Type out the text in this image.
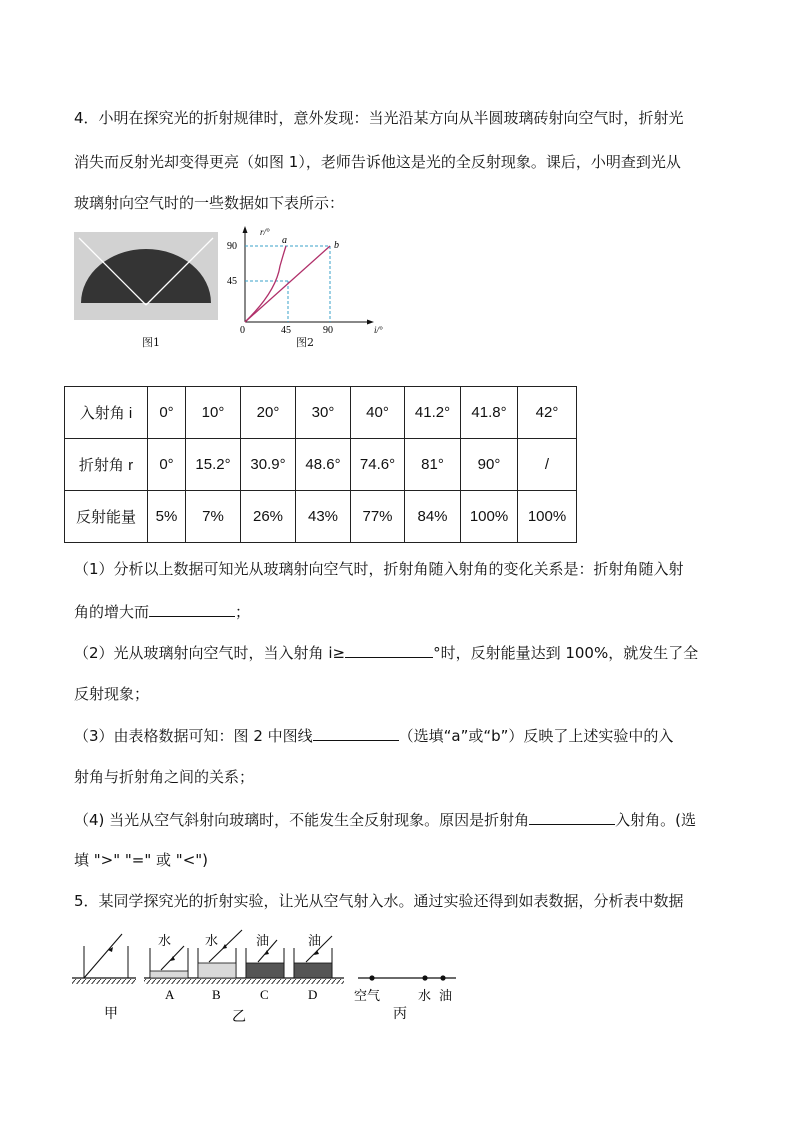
4．小明在探究光的折射规律时，意外发现：当光沿某方向从半圆玻璃砖射向空气时，折射光
消失而反射光却变得更亮（如图 1），老师告诉他这是光的全反射现象。课后，小明查到光从
玻璃射向空气时的一些数据如下表所示：
图1
r/°
i/°
0
90
45
45	90
a	b
图2
入射角 i	0°	10°	20°	30°	40°	41.2°	41.8°	42°
折射角 r	0°	15.2°	30.9°	48.6°	74.6°	81°	90°	/
反射能量	5%	7%	26%	43%	77%	84%	100%	100%
（1）分析以上数据可知光从玻璃射向空气时，折射角随入射角的变化关系是：折射角随入射
角的增大而	；
（2）光从玻璃射向空气时，当入射角 i≥	°时，反射能量达到 100%，就发生了全
反射现象；
（3）由表格数据可知：图 2 中图线	（选填“a”或“b”）反映了上述实验中的入
射角与折射角之间的关系；
（4) 当光从空气斜射向玻璃时，不能发生全反射现象。原因是折射角	入射角。(选
填 ">" "=" 或 "<")
5．某同学探究光的折射实验，让光从空气射入水。通过实验还得到如表数据，分析表中数据
甲
水
A
水
B
油
C
油
D
乙
空气	水 油
丙
